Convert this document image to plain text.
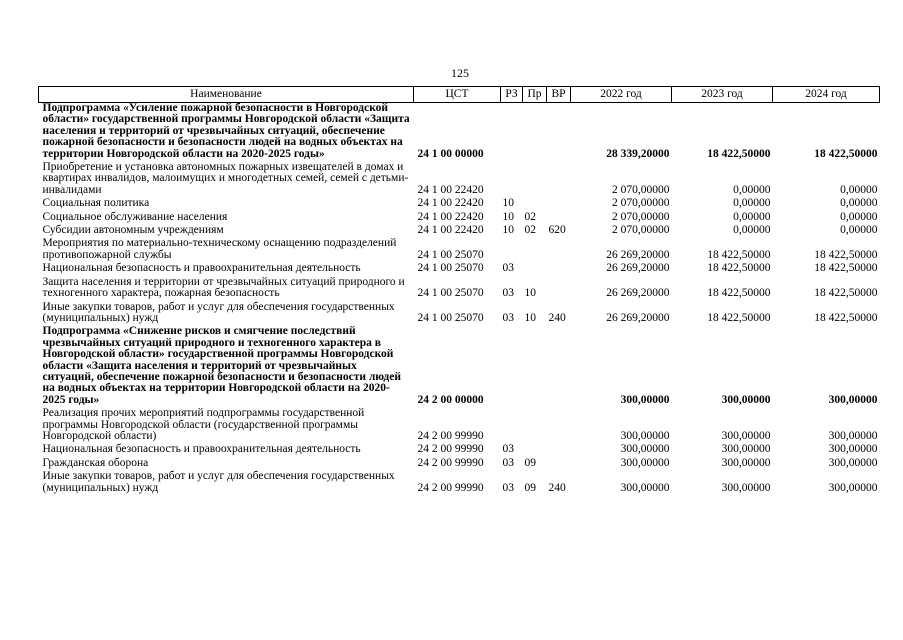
125
Наименование	ЦСТ	РЗ	Пр	ВР	2022 год	2023 год	2024 год
Подпрограмма «Усиление пожарной безопасности в Новгородской области» государственной программы Новгородской области «Защита населения и территорий от чрезвычайных ситуаций, обеспечение пожарной безопасности и безопасности людей на водных объектах на территории Новгородской области на 2020-2025 годы»	24 1 00 00000				28 339,20000	18 422,50000	18 422,50000
Приобретение и установка автономных пожарных извещателей в домах и квартирах инвалидов, малоимущих и многодетных семей, семей с детьми-инвалидами	24 1 00 22420				2 070,00000	0,00000	0,00000
Социальная политика	24 1 00 22420	10			2 070,00000	0,00000	0,00000
Социальное обслуживание населения	24 1 00 22420	10	02		2 070,00000	0,00000	0,00000
Субсидии автономным учреждениям	24 1 00 22420	10	02	620	2 070,00000	0,00000	0,00000
Мероприятия по материально-техническому оснащению подразделений противопожарной службы	24 1 00 25070				26 269,20000	18 422,50000	18 422,50000
Национальная безопасность и правоохранительная деятельность	24 1 00 25070	03			26 269,20000	18 422,50000	18 422,50000
Защита населения и территории от чрезвычайных ситуаций природного и техногенного характера, пожарная безопасность	24 1 00 25070	03	10		26 269,20000	18 422,50000	18 422,50000
Иные закупки товаров, работ и услуг для обеспечения государственных (муниципальных) нужд	24 1 00 25070	03	10	240	26 269,20000	18 422,50000	18 422,50000
Подпрограмма «Снижение рисков и смягчение последствий чрезвычайных ситуаций природного и техногенного характера в Новгородской области» государственной программы Новгородской области «Защита населения и территорий от чрезвычайных ситуаций, обеспечение пожарной безопасности и безопасности людей на водных объектах на территории Новгородской области на 2020-2025 годы»	24 2 00 00000				300,00000	300,00000	300,00000
Реализация прочих мероприятий подпрограммы государственной программы Новгородской области (государственной программы Новгородской области)	24 2 00 99990				300,00000	300,00000	300,00000
Национальная безопасность и правоохранительная деятельность	24 2 00 99990	03			300,00000	300,00000	300,00000
Гражданская оборона	24 2 00 99990	03	09		300,00000	300,00000	300,00000
Иные закупки товаров, работ и услуг для обеспечения государственных (муниципальных) нужд	24 2 00 99990	03	09	240	300,00000	300,00000	300,00000
